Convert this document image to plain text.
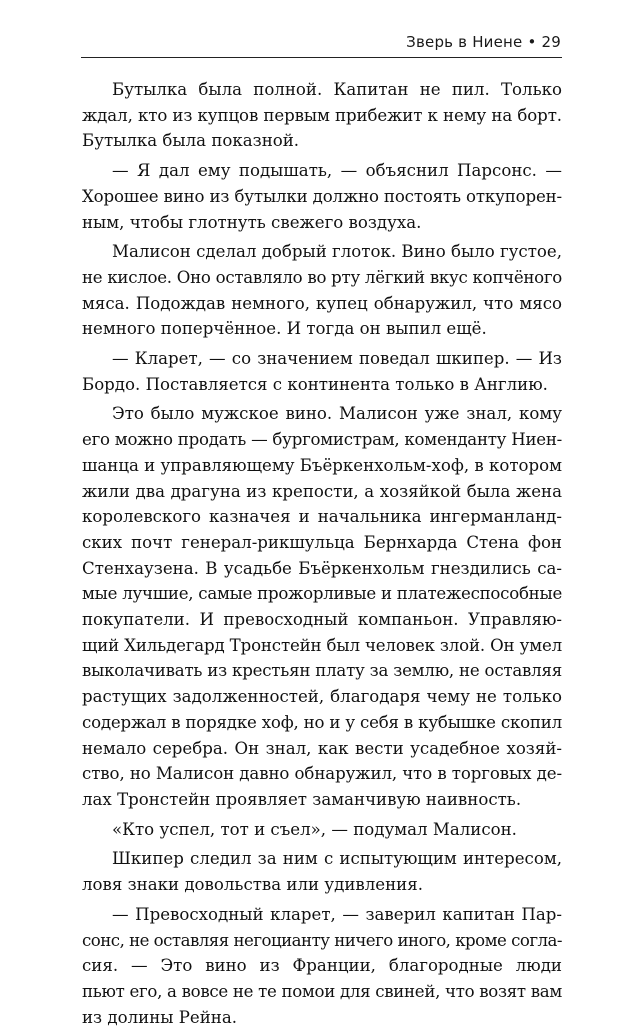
Зверь в Ниене • 29

Бутылка была полной. Капитан не пил. Только
ждал, кто из купцов первым прибежит к нему на борт.
Бутылка была показной.

— Я дал ему подышать, — объяснил Парсонс. —
Хорошее вино из бутылки должно постоять откупорен-
ным, чтобы глотнуть свежего воздуха.

Малисон сделал добрый глоток. Вино было густое,
не кислое. Оно оставляло во рту лёгкий вкус копчёного
мяса. Подождав немного, купец обнаружил, что мясо
немного поперчённое. И тогда он выпил ещё.

— Кларет, — со значением поведал шкипер. — Из
Бордо. Поставляется с континента только в Англию.

Это было мужское вино. Малисон уже знал, кому
его можно продать — бургомистрам, коменданту Ниен-
шанца и управляющему Бъёркенхольм-хоф, в котором
жили два драгуна из крепости, а хозяйкой была жена
королевского казначея и начальника ингерманланд-
ских почт генерал-рикшульца Бернхарда Стена фон
Стенхаузена. В усадьбе Бъёркенхольм гнездились са-
мые лучшие, самые прожорливые и платежеспособные
покупатели. И превосходный компаньон. Управляю-
щий Хильдегард Тронстейн был человек злой. Он умел
выколачивать из крестьян плату за землю, не оставляя
растущих задолженностей, благодаря чему не только
содержал в порядке хоф, но и у себя в кубышке скопил
немало серебра. Он знал, как вести усадебное хозяй-
ство, но Малисон давно обнаружил, что в торговых де-
лах Тронстейн проявляет заманчивую наивность.

«Кто успел, тот и съел», — подумал Малисон.

Шкипер следил за ним с испытующим интересом,
ловя знаки довольства или удивления.

— Превосходный кларет, — заверил капитан Пар-
сонс, не оставляя негоцианту ничего иного, кроме согла-
сия. — Это вино из Франции, благородные люди
пьют его, а вовсе не те помои для свиней, что возят вам
из долины Рейна.
